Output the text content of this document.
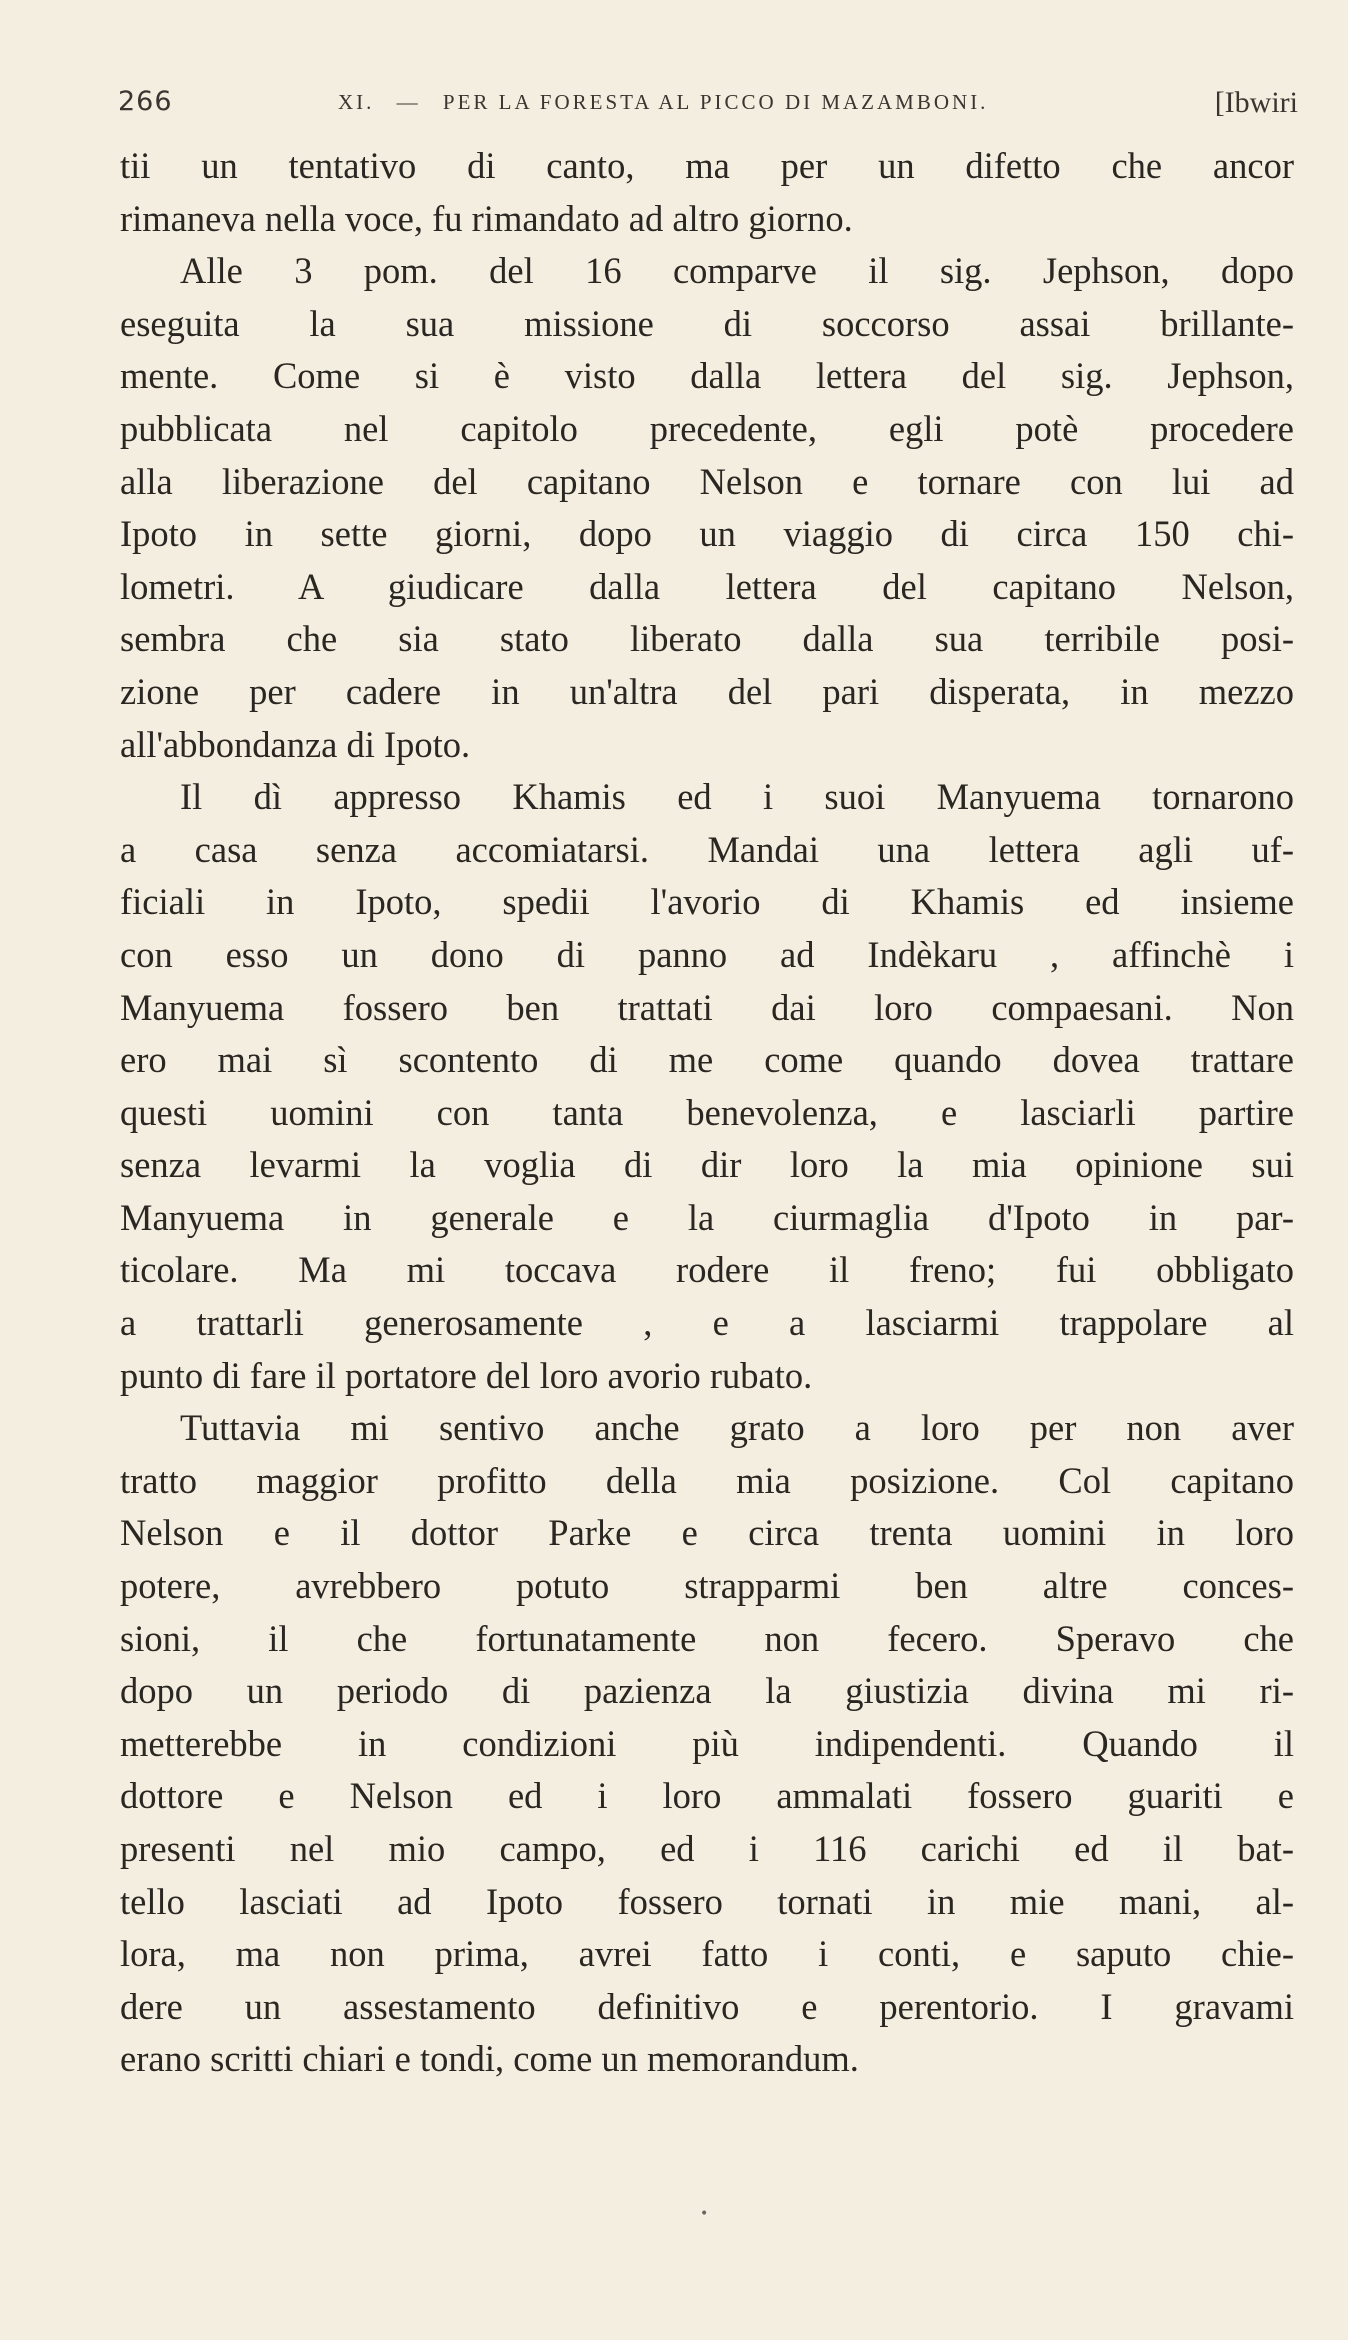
266	XI. — PER LA FORESTA AL PICCO DI MAZAMBONI.	[Ibwiri
tii un tentativo di canto, ma per un difetto che ancor
rimaneva nella voce, fu rimandato ad altro giorno.
Alle 3 pom. del 16 comparve il sig. Jephson, dopo
eseguita la sua missione di soccorso assai brillante-
mente. Come si è visto dalla lettera del sig. Jephson,
pubblicata nel capitolo precedente, egli potè procedere
alla liberazione del capitano Nelson e tornare con lui ad
Ipoto in sette giorni, dopo un viaggio di circa 150 chi-
lometri. A giudicare dalla lettera del capitano Nelson,
sembra che sia stato liberato dalla sua terribile posi-
zione per cadere in un'altra del pari disperata, in mezzo
all'abbondanza di Ipoto.
Il dì appresso Khamis ed i suoi Manyuema tornarono
a casa senza accomiatarsi. Mandai una lettera agli uf-
ficiali in Ipoto, spedii l'avorio di Khamis ed insieme
con esso un dono di panno ad Indèkaru , affinchè i
Manyuema fossero ben trattati dai loro compaesani. Non
ero mai sì scontento di me come quando dovea trattare
questi uomini con tanta benevolenza, e lasciarli partire
senza levarmi la voglia di dir loro la mia opinione sui
Manyuema in generale e la ciurmaglia d'Ipoto in par-
ticolare. Ma mi toccava rodere il freno; fui obbligato
a trattarli generosamente , e a lasciarmi trappolare al
punto di fare il portatore del loro avorio rubato.
Tuttavia mi sentivo anche grato a loro per non aver
tratto maggior profitto della mia posizione. Col capitano
Nelson e il dottor Parke e circa trenta uomini in loro
potere, avrebbero potuto strapparmi ben altre conces-
sioni, il che fortunatamente non fecero. Speravo che
dopo un periodo di pazienza la giustizia divina mi ri-
metterebbe in condizioni più indipendenti. Quando il
dottore e Nelson ed i loro ammalati fossero guariti e
presenti nel mio campo, ed i 116 carichi ed il bat-
tello lasciati ad Ipoto fossero tornati in mie mani, al-
lora, ma non prima, avrei fatto i conti, e saputo chie-
dere un assestamento definitivo e perentorio. I gravami
erano scritti chiari e tondi, come un memorandum.
•
